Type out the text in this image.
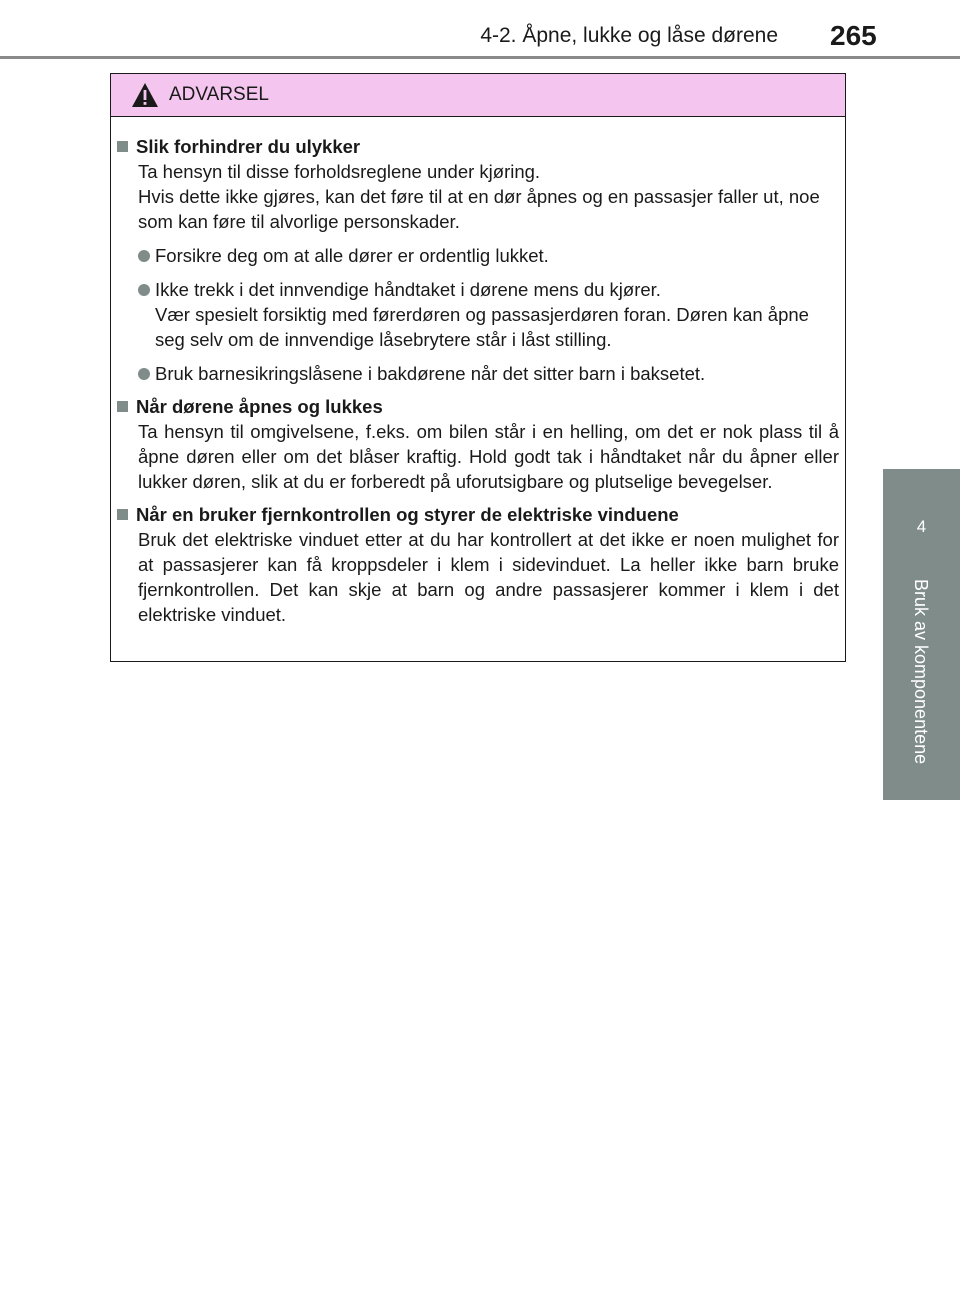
4-2. Åpne, lukke og låse dørene 265
4
Bruk av komponentene
ADVARSEL
Slik forhindrer du ulykker
Ta hensyn til disse forholdsreglene under kjøring.
Hvis dette ikke gjøres, kan det føre til at en dør åpnes og en passasjer faller ut, noe som kan føre til alvorlige personskader.
Forsikre deg om at alle dører er ordentlig lukket.
Ikke trekk i det innvendige håndtaket i dørene mens du kjører.
Vær spesielt forsiktig med førerdøren og passasjerdøren foran. Døren kan åpne seg selv om de innvendige låsebrytere står i låst stilling.
Bruk barnesikringslåsene i bakdørene når det sitter barn i baksetet.
Når dørene åpnes og lukkes
Ta hensyn til omgivelsene, f.eks. om bilen står i en helling, om det er nok plass til å åpne døren eller om det blåser kraftig. Hold godt tak i håndtaket når du åpner eller lukker døren, slik at du er forberedt på uforutsigbare og plutselige bevegelser.
Når en bruker fjernkontrollen og styrer de elektriske vinduene
Bruk det elektriske vinduet etter at du har kontrollert at det ikke er noen mulighet for at passasjerer kan få kroppsdeler i klem i sidevinduet. La heller ikke barn bruke fjernkontrollen. Det kan skje at barn og andre passasjerer kommer i klem i det elektriske vinduet.
